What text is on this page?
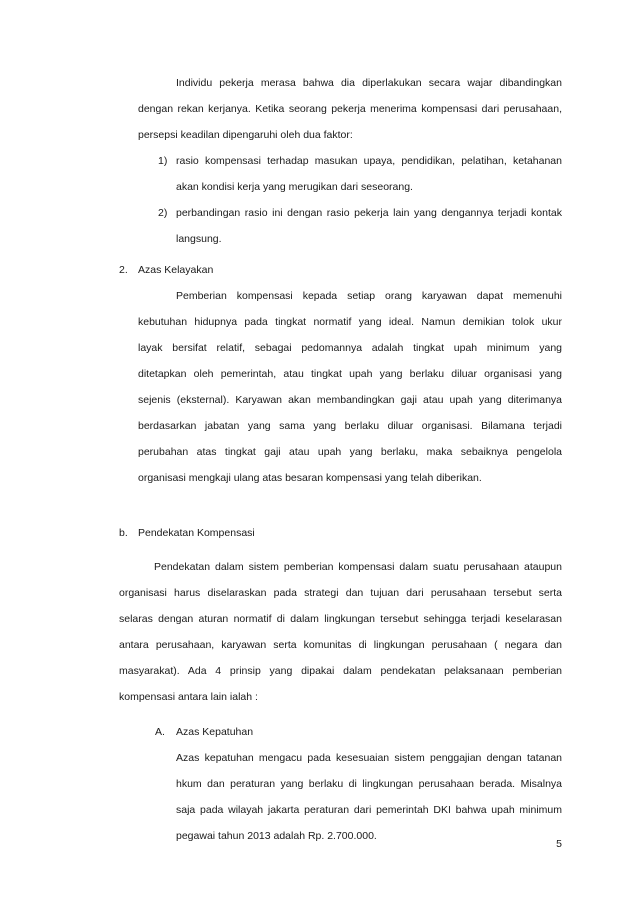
Individu pekerja merasa bahwa dia diperlakukan secara wajar dibandingkan
dengan rekan kerjanya. Ketika seorang pekerja menerima kompensasi dari perusahaan,
persepsi keadilan dipengaruhi oleh dua faktor:
1) rasio kompensasi terhadap masukan upaya, pendidikan, pelatihan, ketahanan
akan kondisi kerja yang merugikan dari seseorang.
2) perbandingan rasio ini dengan rasio pekerja lain yang dengannya terjadi kontak
langsung.
2. Azas Kelayakan
Pemberian kompensasi kepada setiap orang karyawan dapat memenuhi
kebutuhan hidupnya pada tingkat normatif yang ideal. Namun demikian tolok ukur
layak bersifat relatif, sebagai pedomannya adalah tingkat upah minimum yang
ditetapkan oleh pemerintah, atau tingkat upah yang berlaku diluar organisasi yang
sejenis (eksternal). Karyawan akan membandingkan gaji atau upah yang diterimanya
berdasarkan jabatan yang sama yang berlaku diluar organisasi. Bilamana terjadi
perubahan atas tingkat gaji atau upah yang berlaku, maka sebaiknya pengelola
organisasi mengkaji ulang atas besaran kompensasi yang telah diberikan.
b. Pendekatan Kompensasi
Pendekatan dalam sistem pemberian kompensasi dalam suatu perusahaan ataupun
organisasi harus diselaraskan pada strategi dan tujuan dari perusahaan tersebut serta
selaras dengan aturan normatif di dalam lingkungan tersebut sehingga terjadi keselarasan
antara perusahaan, karyawan serta komunitas di lingkungan perusahaan ( negara dan
masyarakat). Ada 4 prinsip yang dipakai dalam pendekatan pelaksanaan pemberian
kompensasi antara lain ialah :
A. Azas Kepatuhan
Azas kepatuhan mengacu pada kesesuaian sistem penggajian dengan tatanan
hkum dan peraturan yang berlaku di lingkungan perusahaan berada. Misalnya
saja pada wilayah jakarta peraturan dari pemerintah DKI bahwa upah minimum
pegawai tahun 2013 adalah Rp. 2.700.000.
5
